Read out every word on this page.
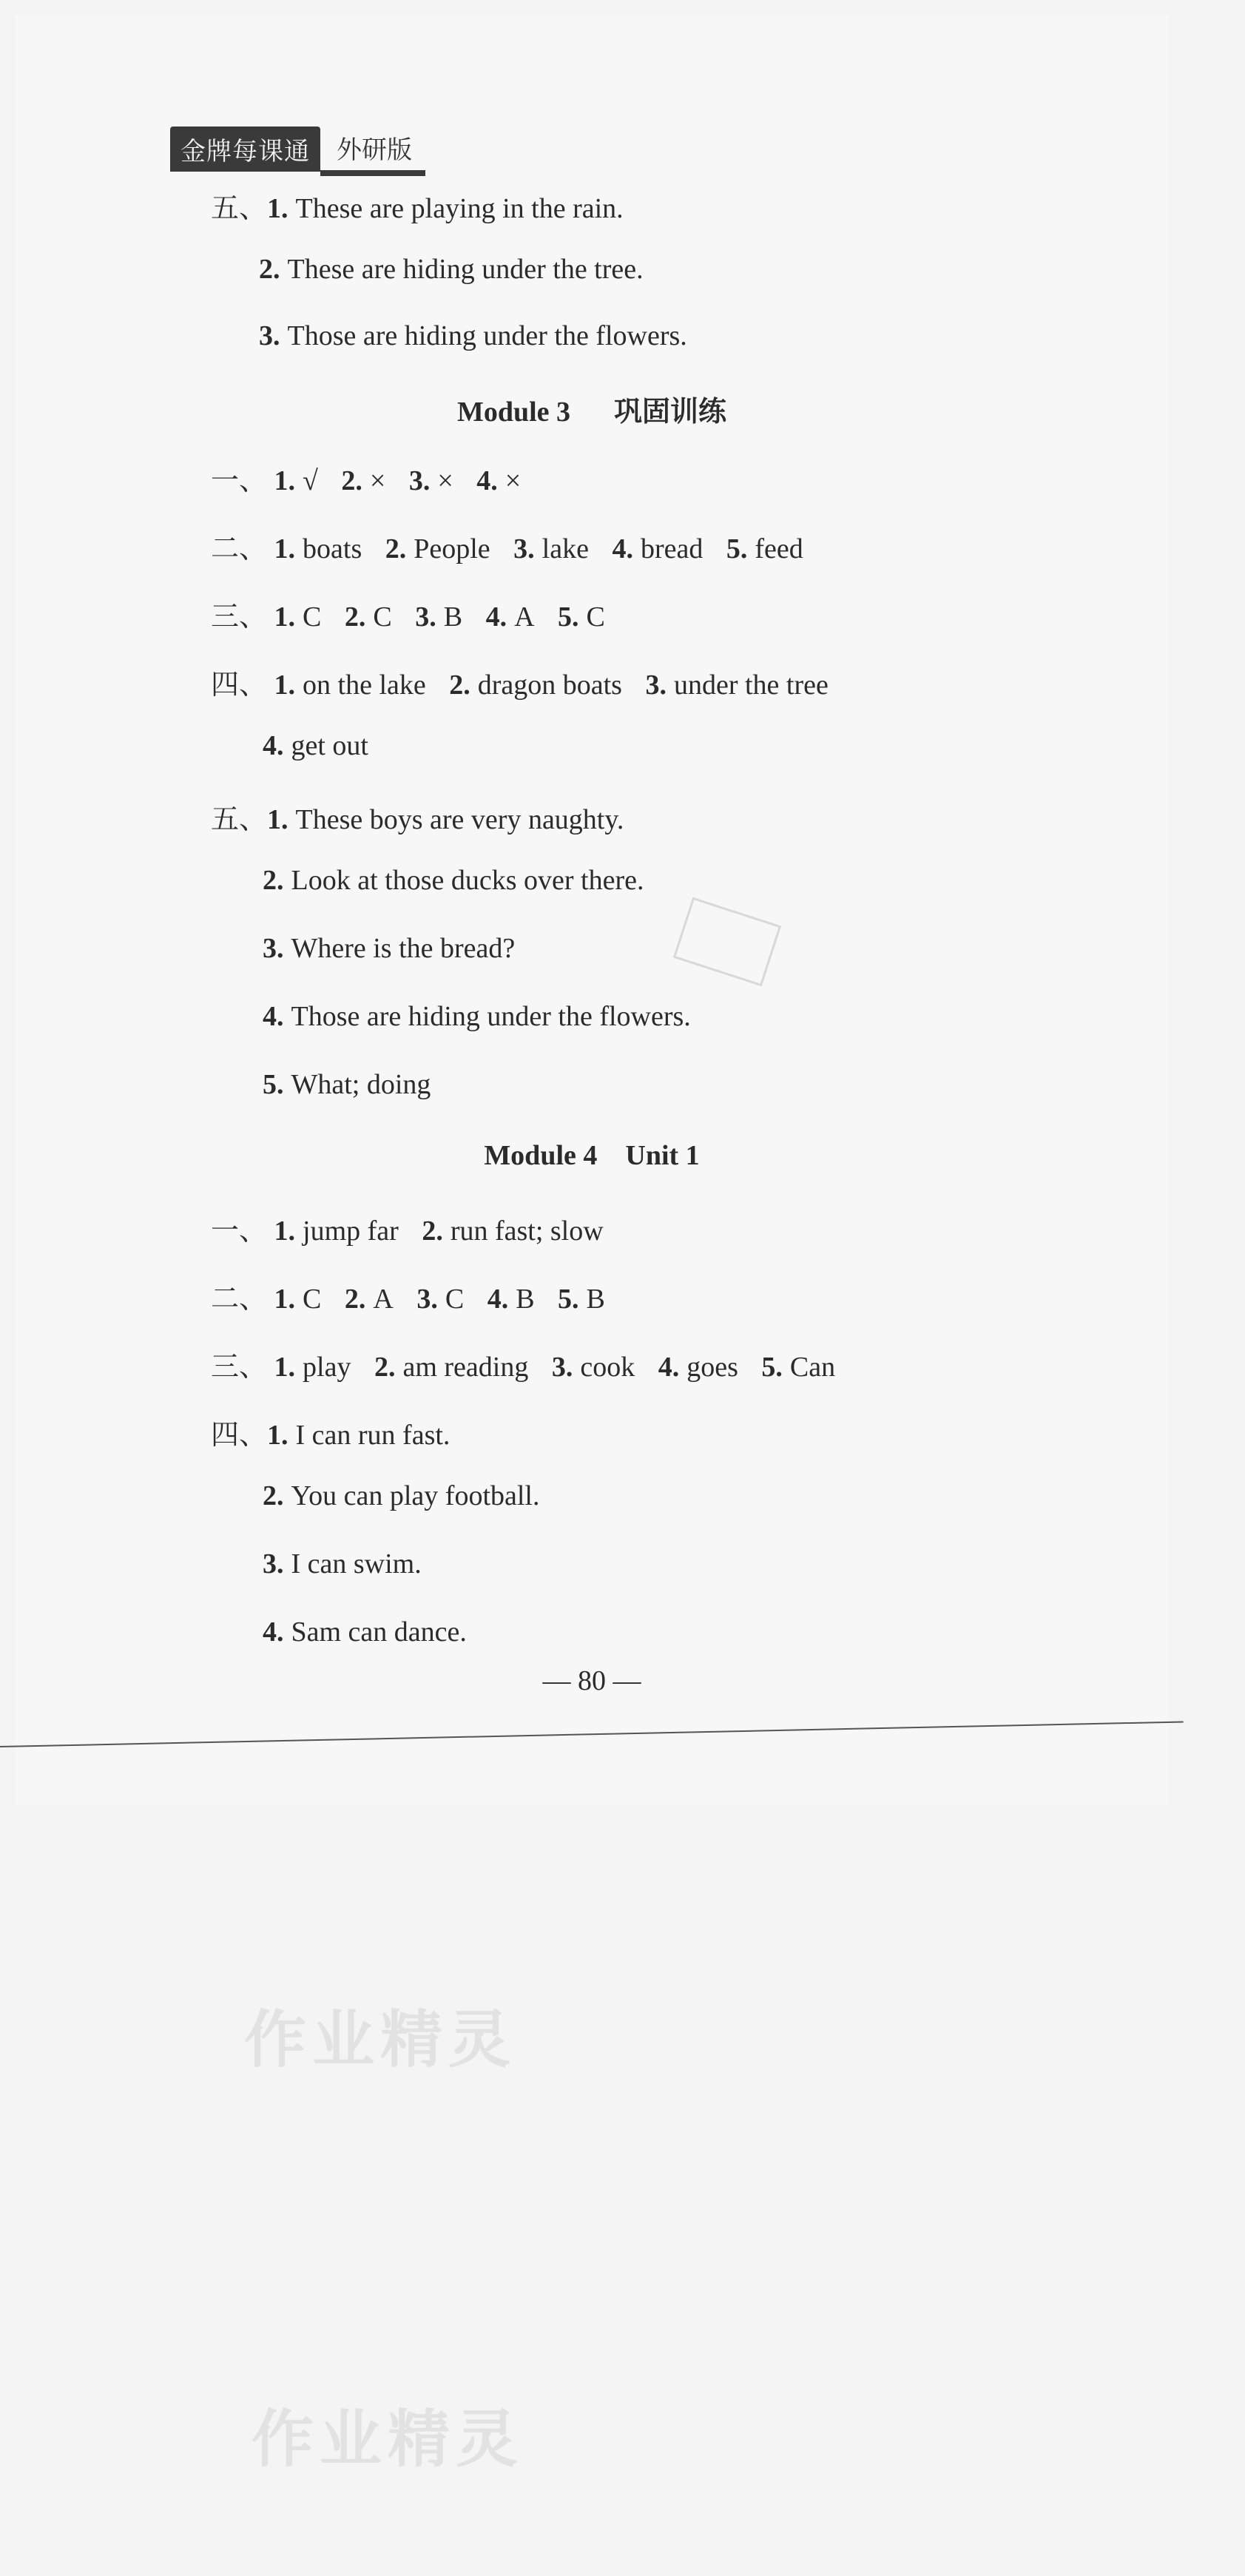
金牌每课通	外研版
五、1. These are playing in the rain.
2. These are hiding under the tree.
3. Those are hiding under the flowers.
Module 3 巩固训练
一、 1. √ 2. × 3. × 4. ×
二、 1. boats 2. People 3. lake 4. bread 5. feed
三、 1. C 2. C 3. B 4. A 5. C
四、 1. on the lake 2. dragon boats 3. under the tree
4. get out
五、1. These boys are very naughty.
2. Look at those ducks over there.
3. Where is the bread?
4. Those are hiding under the flowers.
5. What; doing
Module 4    Unit 1
一、 1. jump far 2. run fast; slow
二、 1. C 2. A 3. C 4. B 5. B
三、 1. play 2. am reading 3. cook 4. goes 5. Can
四、1. I can run fast.
2. You can play football.
3. I can swim.
4. Sam can dance.
— 80 —
作业精灵
作业精灵
